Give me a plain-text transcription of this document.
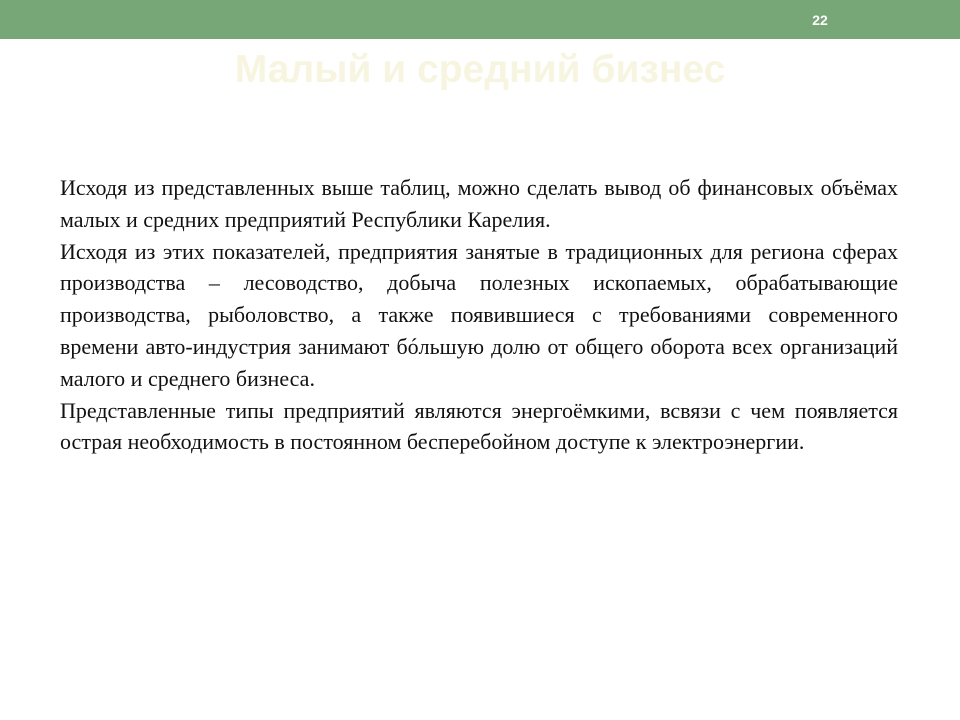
22
Малый и средний бизнес

Исходя из представленных выше таблиц, можно сделать вывод об финансовых объёмах малых и средних предприятий Республики Карелия.

Исходя из этих показателей, предприятия занятые в традиционных для региона сферах производства – лесоводство, добыча полезных ископаемых, обрабатывающие производства, рыболовство, а также появившиеся с требованиями современного времени авто-индустрия занимают бóльшую долю от общего оборота всех организаций малого и среднего бизнеса.

Представленные типы предприятий являются энергоёмкими, всвязи с чем появляется острая необходимость в постоянном бесперебойном доступе к электроэнергии.
